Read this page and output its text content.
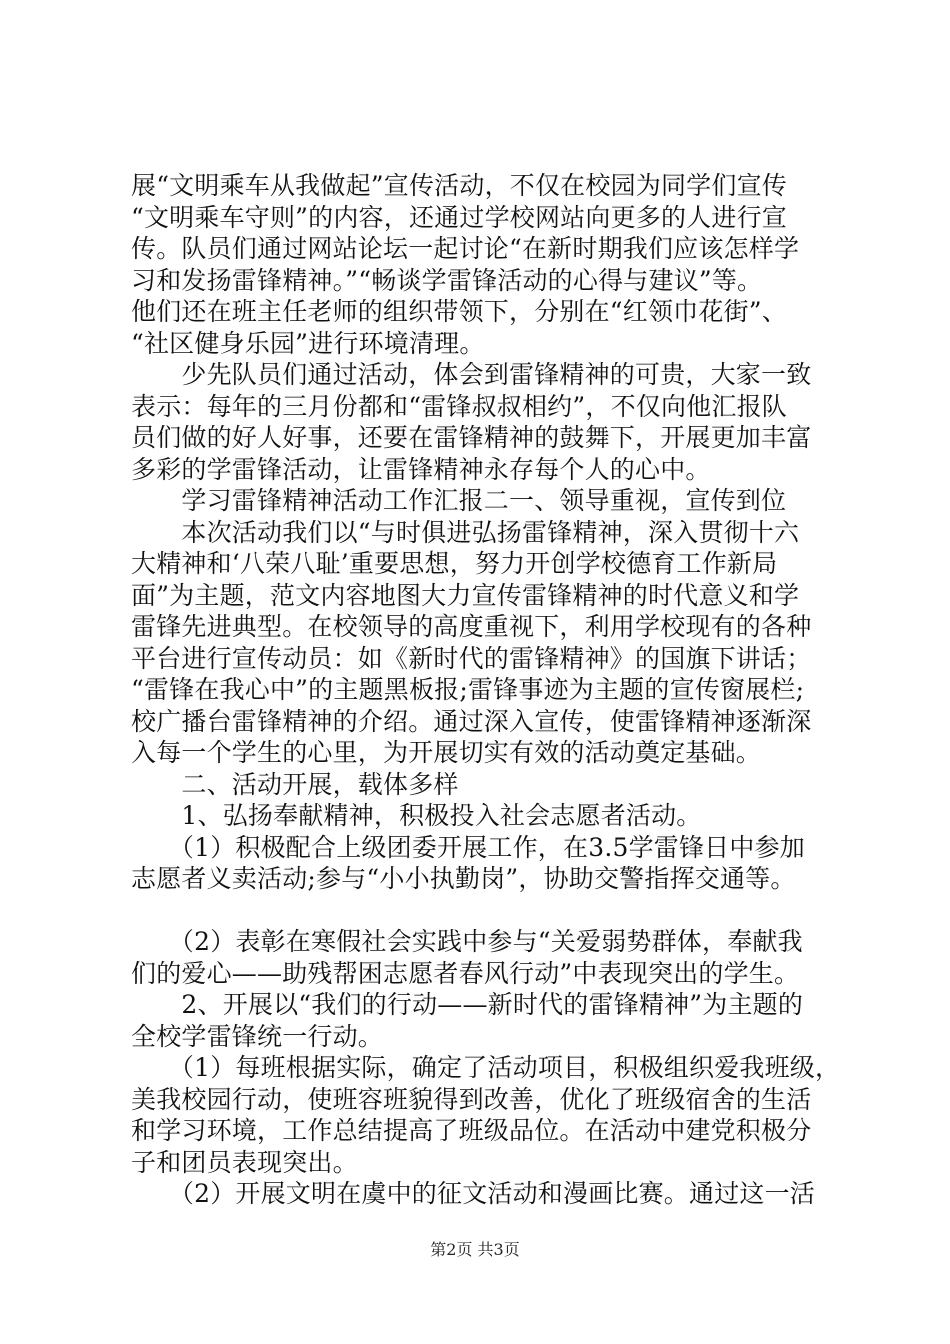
展“文明乘车从我做起”宣传活动，不仅在校园为同学们宣传
“文明乘车守则”的内容，还通过学校网站向更多的人进行宣
传。队员们通过网站论坛一起讨论“在新时期我们应该怎样学
习和发扬雷锋精神。”“畅谈学雷锋活动的心得与建议”等。
他们还在班主任老师的组织带领下，分别在“红领巾花街”、
“社区健身乐园”进行环境清理。
　　少先队员们通过活动，体会到雷锋精神的可贵，大家一致
表示：每年的三月份都和“雷锋叔叔相约”，不仅向他汇报队
员们做的好人好事，还要在雷锋精神的鼓舞下，开展更加丰富
多彩的学雷锋活动，让雷锋精神永存每个人的心中。
　　学习雷锋精神活动工作汇报二一、领导重视，宣传到位
　　本次活动我们以“与时俱进弘扬雷锋精神，深入贯彻十六
大精神和‘八荣八耻’重要思想，努力开创学校德育工作新局
面”为主题，范文内容地图大力宣传雷锋精神的时代意义和学
雷锋先进典型。在校领导的高度重视下，利用学校现有的各种
平台进行宣传动员：如《新时代的雷锋精神》的国旗下讲话；
“雷锋在我心中”的主题黑板报;雷锋事迹为主题的宣传窗展栏;
校广播台雷锋精神的介绍。通过深入宣传，使雷锋精神逐渐深
入每一个学生的心里，为开展切实有效的活动奠定基础。
　　二、活动开展，载体多样
　　1、弘扬奉献精神，积极投入社会志愿者活动。
　　（1）积极配合上级团委开展工作，在3.5学雷锋日中参加
志愿者义卖活动;参与“小小执勤岗”，协助交警指挥交通等。
　　（2）表彰在寒假社会实践中参与“关爱弱势群体，奉献我
们的爱心——助残帮困志愿者春风行动”中表现突出的学生。
　　2、开展以“我们的行动——新时代的雷锋精神”为主题的
全校学雷锋统一行动。
　　（1）每班根据实际，确定了活动项目，积极组织爱我班级，
美我校园行动，使班容班貌得到改善，优化了班级宿舍的生活
和学习环境，工作总结提高了班级品位。在活动中建党积极分
子和团员表现突出。
　　（2）开展文明在虞中的征文活动和漫画比赛。通过这一活
第2页 共3页
